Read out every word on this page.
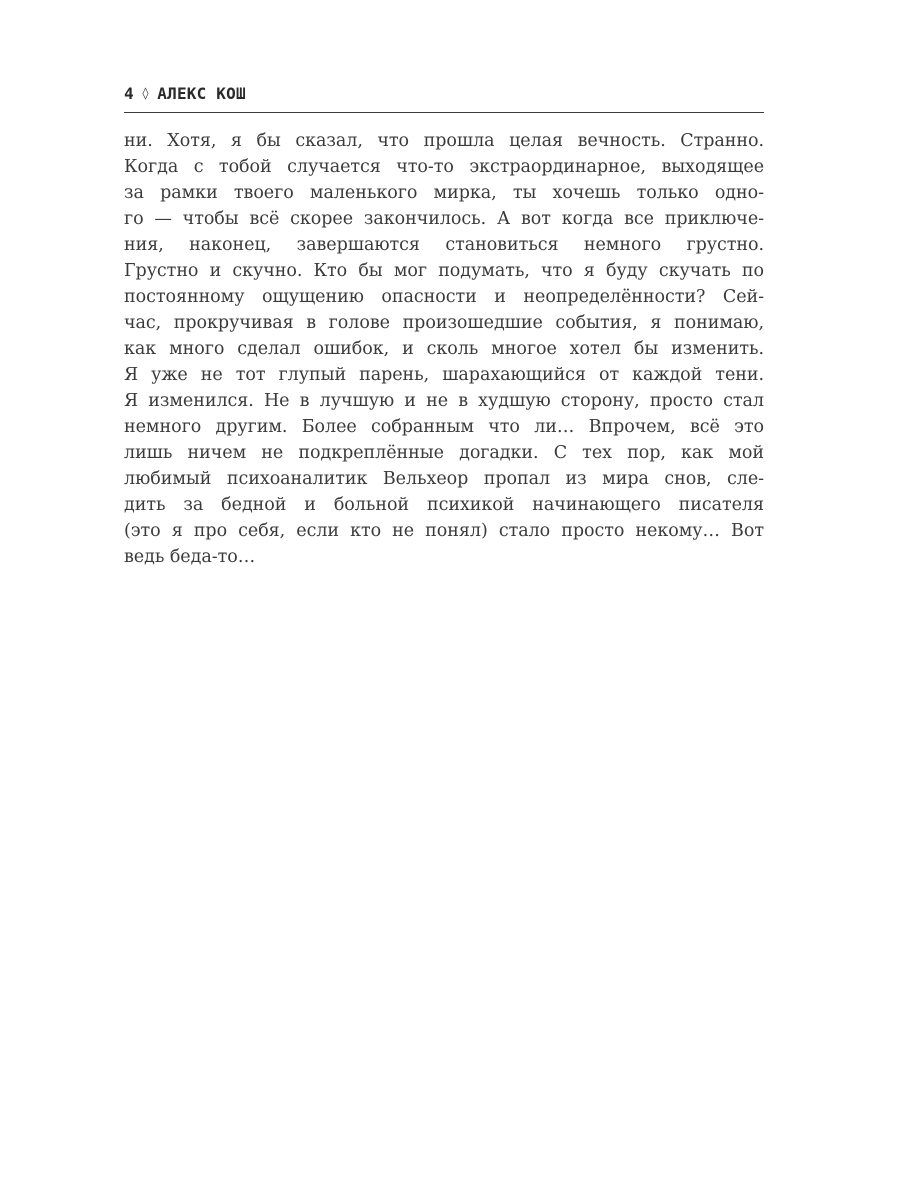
4 ◊ АЛЕКС КОШ
ни. Хотя, я бы сказал, что прошла целая вечность. Странно.
Когда с тобой случается что-то экстраординарное, выходящее
за рамки твоего маленького мирка, ты хочешь только одно-
го — чтобы всё скорее закончилось. А вот когда все приключе-
ния, наконец, завершаются становиться немного грустно.
Грустно и скучно. Кто бы мог подумать, что я буду скучать по
постоянному ощущению опасности и неопределённости? Сей-
час, прокручивая в голове произошедшие события, я понимаю,
как много сделал ошибок, и сколь многое хотел бы изменить.
Я уже не тот глупый парень, шарахающийся от каждой тени.
Я изменился. Не в лучшую и не в худшую сторону, просто стал
немного другим. Более собранным что ли… Впрочем, всё это
лишь ничем не подкреплённые догадки. С тех пор, как мой
любимый психоаналитик Вельхеор пропал из мира снов, сле-
дить за бедной и больной психикой начинающего писателя
(это я про себя, если кто не понял) стало просто некому… Вот
ведь беда-то…
